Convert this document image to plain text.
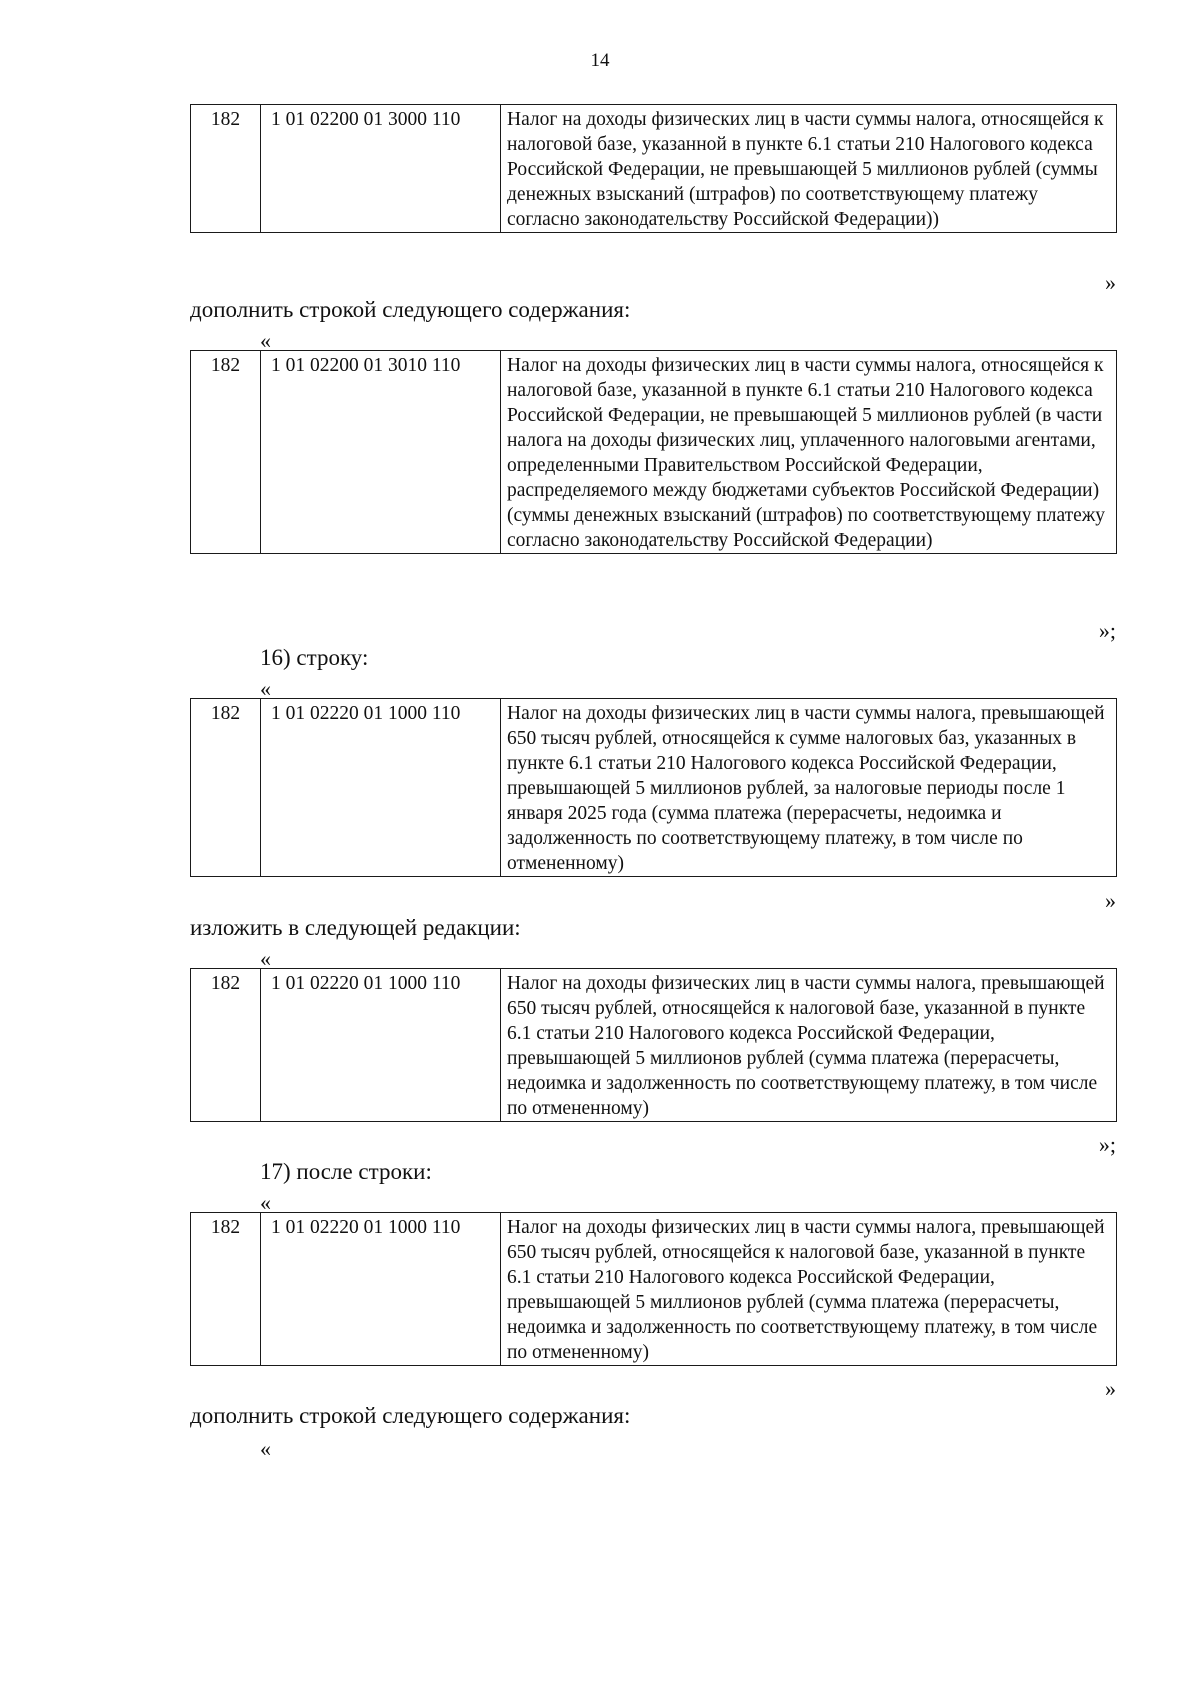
14
182	1 01 02200 01 3000 110	Налог на доходы физических лиц в части суммы налога, относящейся к налоговой базе, указанной в пункте 6.1 статьи 210 Налогового кодекса Российской Федерации, не превышающей 5 миллионов рублей (суммы денежных взысканий (штрафов) по соответствующему платежу согласно законодательству Российской Федерации))
»
дополнить строкой следующего содержания:
«
182	1 01 02200 01 3010 110	Налог на доходы физических лиц в части суммы налога, относящейся к налоговой базе, указанной в пункте 6.1 статьи 210 Налогового кодекса Российской Федерации, не превышающей 5 миллионов рублей (в части налога на доходы физических лиц, уплаченного налоговыми агентами, определенными Правительством Российской Федерации, распределяемого между бюджетами субъектов Российской Федерации) (суммы денежных взысканий (штрафов) по соответствующему платежу согласно законодательству Российской Федерации)
»;
16) строку:
«
182	1 01 02220 01 1000 110	Налог на доходы физических лиц в части суммы налога, превышающей 650 тысяч рублей, относящейся к сумме налоговых баз, указанных в пункте 6.1 статьи 210 Налогового кодекса Российской Федерации, превышающей 5 миллионов рублей, за налоговые периоды после 1 января 2025 года (сумма платежа (перерасчеты, недоимка и задолженность по соответствующему платежу, в том числе по отмененному)
»
изложить в следующей редакции:
«
182	1 01 02220 01 1000 110	Налог на доходы физических лиц в части суммы налога, превышающей 650 тысяч рублей, относящейся к налоговой базе, указанной в пункте 6.1 статьи 210 Налогового кодекса Российской Федерации, превышающей 5 миллионов рублей (сумма платежа (перерасчеты, недоимка и задолженность по соответствующему платежу, в том числе по отмененному)
»;
17) после строки:
«
182	1 01 02220 01 1000 110	Налог на доходы физических лиц в части суммы налога, превышающей 650 тысяч рублей, относящейся к налоговой базе, указанной в пункте 6.1 статьи 210 Налогового кодекса Российской Федерации, превышающей 5 миллионов рублей (сумма платежа (перерасчеты, недоимка и задолженность по соответствующему платежу, в том числе по отмененному)
»
дополнить строкой следующего содержания:
«
